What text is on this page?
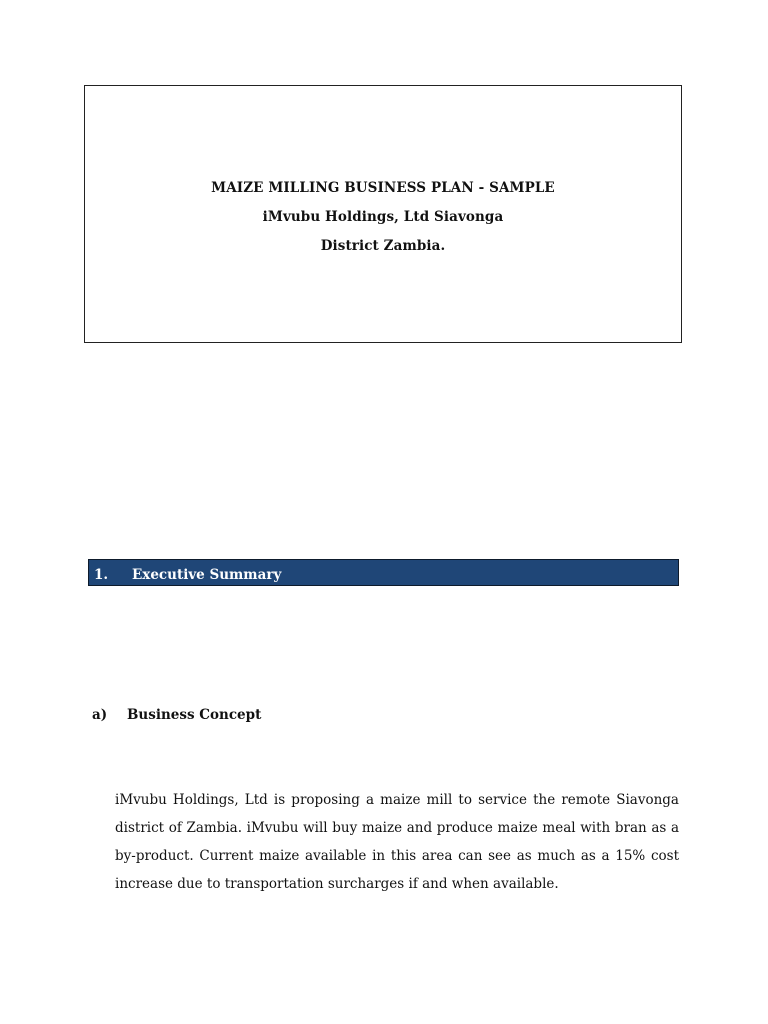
MAIZE MILLING BUSINESS PLAN - SAMPLE
iMvubu Holdings, Ltd Siavonga
District Zambia.
1. Executive Summary
a) Business Concept
iMvubu Holdings, Ltd is proposing a maize mill to service the remote Siavonga district of Zambia. iMvubu will buy maize and produce maize meal with bran as a by-product. Current maize available in this area can see as much as a 15% cost increase due to transportation surcharges if and when available.
